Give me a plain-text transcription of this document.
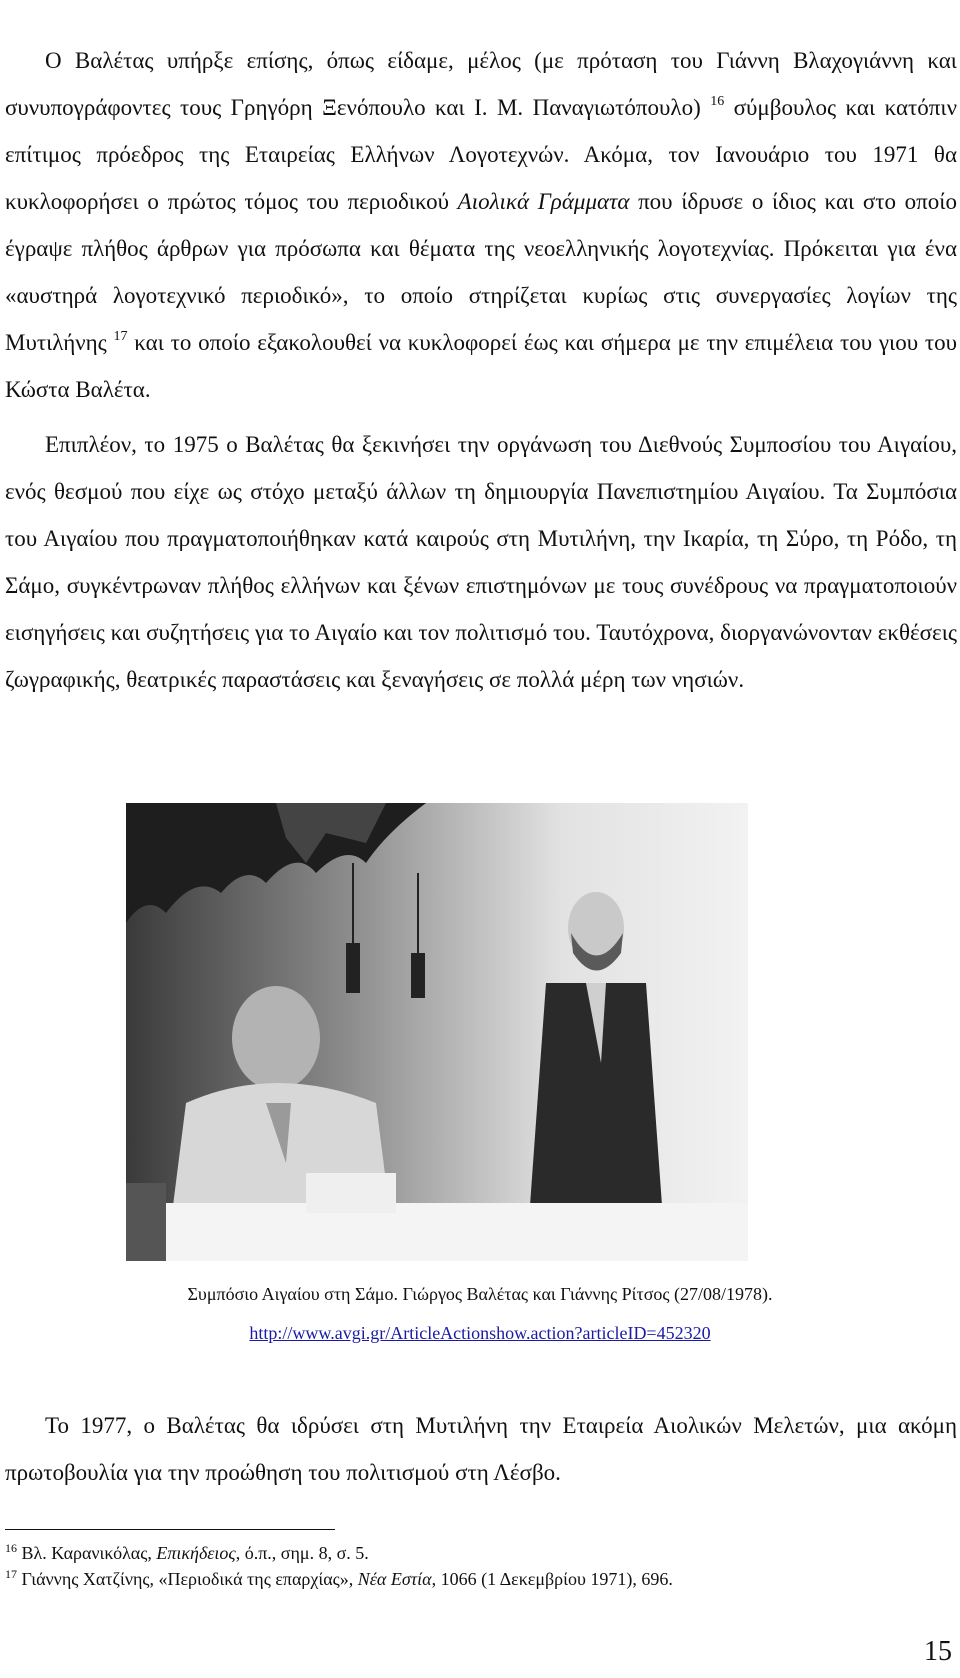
Ο Βαλέτας υπήρξε επίσης, όπως είδαμε, μέλος (με πρόταση του Γιάννη Βλαχογιάννη και συνυπογράφοντες τους Γρηγόρη Ξενόπουλο και Ι. Μ. Παναγιωτόπουλο) $^{16}$ σύμβουλος και κατόπιν επίτιμος πρόεδρος της Εταιρείας Ελλήνων Λογοτεχνών. Ακόμα, τον Ιανουάριο του 1971 θα κυκλοφορήσει ο πρώτος τόμος του περιοδικού Αιολικά Γράμματα που ίδρυσε ο ίδιος και στο οποίο έγραψε πλήθος άρθρων για πρόσωπα και θέματα της νεοελληνικής λογοτεχνίας. Πρόκειται για ένα «αυστηρά λογοτεχνικό περιοδικό», το οποίο στηρίζεται κυρίως στις συνεργασίες λογίων της Μυτιλήνης $^{17}$ και το οποίο εξακολουθεί να κυκλοφορεί έως και σήμερα με την επιμέλεια του γιου του Κώστα Βαλέτα.

Επιπλέον, το 1975 ο Βαλέτας θα ξεκινήσει την οργάνωση του Διεθνούς Συμποσίου του Αιγαίου, ενός θεσμού που είχε ως στόχο μεταξύ άλλων τη δημιουργία Πανεπιστημίου Αιγαίου. Τα Συμπόσια του Αιγαίου που πραγματοποιήθηκαν κατά καιρούς στη Μυτιλήνη, την Ικαρία, τη Σύρο, τη Ρόδο, τη Σάμο, συγκέντρωναν πλήθος ελλήνων και ξένων επιστημόνων με τους συνέδρους να πραγματοποιούν εισηγήσεις και συζητήσεις για το Αιγαίο και τον πολιτισμό του. Ταυτόχρονα, διοργανώνονταν εκθέσεις ζωγραφικής, θεατρικές παραστάσεις και ξεναγήσεις σε πολλά μέρη των νησιών.

Συμπόσιο Αιγαίου στη Σάμο. Γιώργος Βαλέτας και Γιάννης Ρίτσος (27/08/1978).
http://www.avgi.gr/ArticleActionshow.action?articleID=452320

Το 1977, ο Βαλέτας θα ιδρύσει στη Μυτιλήνη την Εταιρεία Αιολικών Μελετών, μια ακόμη πρωτοβουλία για την προώθηση του πολιτισμού στη Λέσβο.

$^{16}$ Βλ. Καρανικόλας, Επικήδειος, ό.π., σημ. 8, σ. 5.
$^{17}$ Γιάννης Χατζίνης, «Περιοδικά της επαρχίας», Νέα Εστία, 1066 (1 Δεκεμβρίου 1971), 696.
15
